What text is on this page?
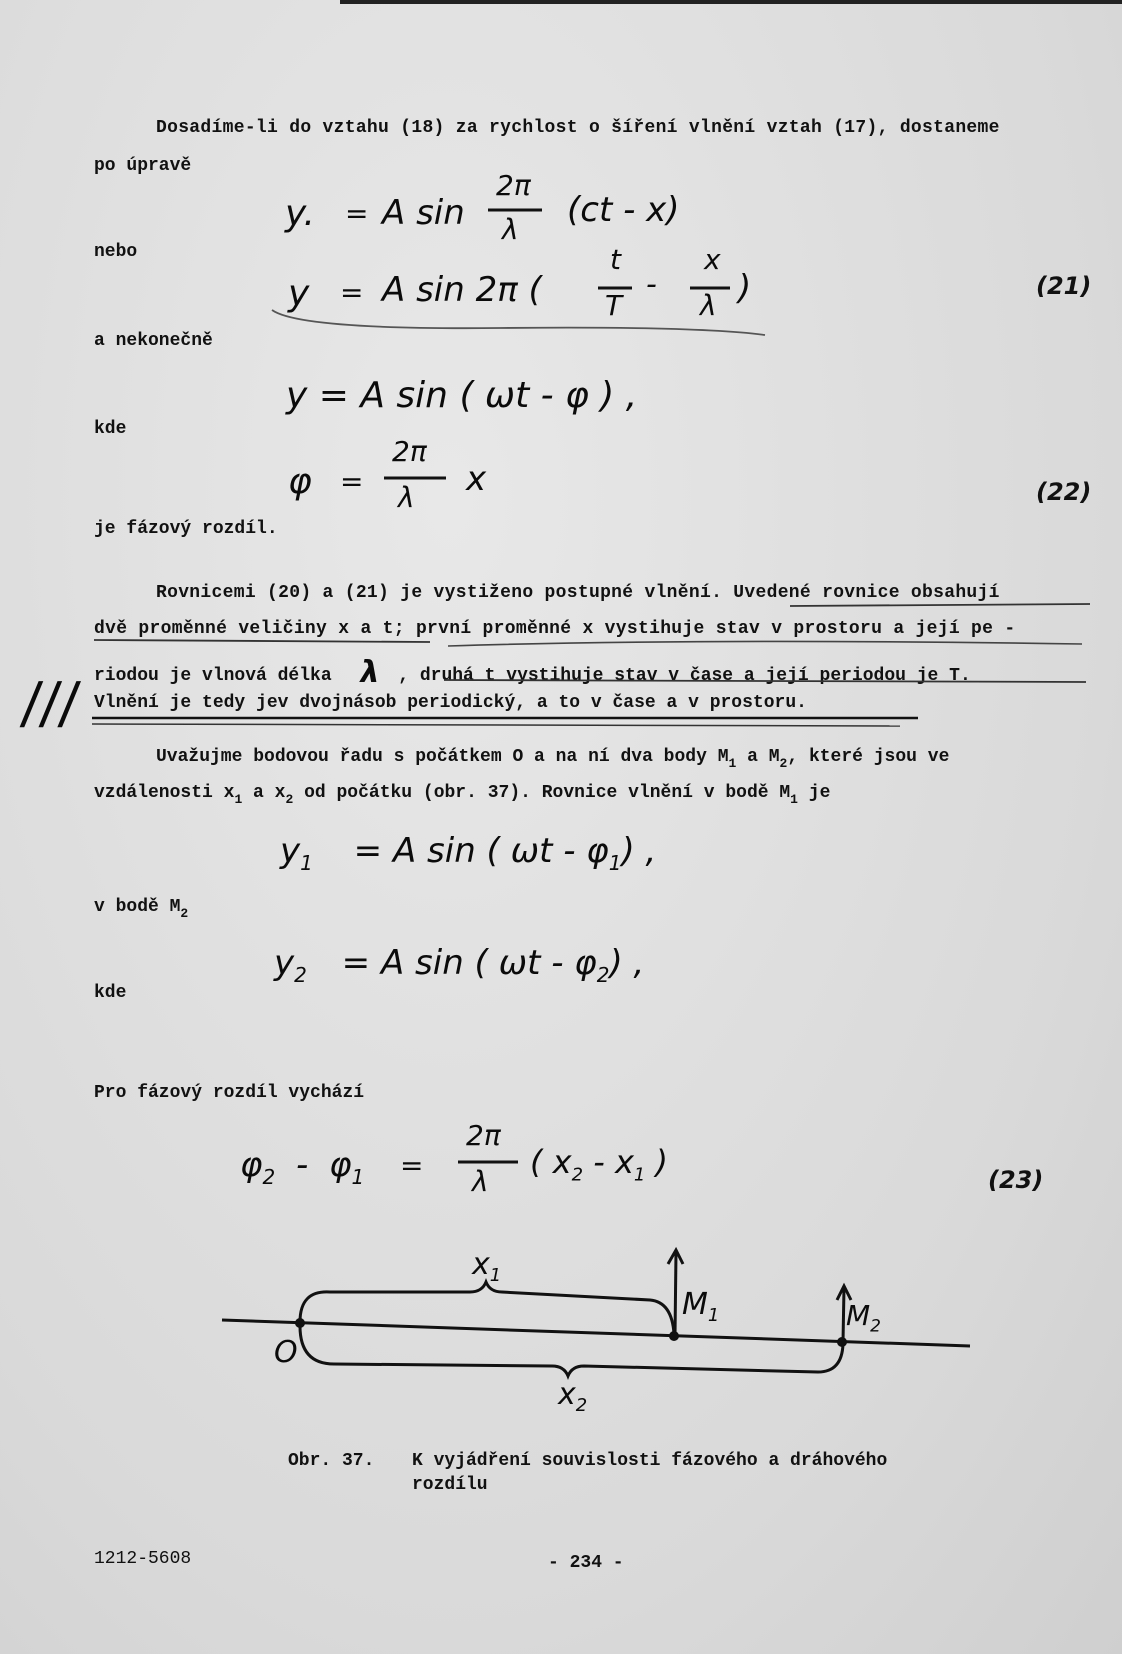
Dosadíme-li do vztahu (18) za rychlost o šíření vlnění vztah (17), dostaneme
po úpravě
y. = A sin
2π
λ (ct - x)
nebo
y = A sin 2π (
t
T
-
x
λ )	(21)
a nekonečně
y = A sin ( ωt - φ ) ,
kde
φ =
2π
λ x	(22)
je fázový rozdíl.
Rovnicemi (20) a (21) je vystiženo postupné vlnění. Uvedené rovnice obsahují
dvě proměnné veličiny x a t; první proměnné x vystihuje stav v prostoru a její pe -
riodou je vlnová délka λ , druhá t vystihuje stav v čase a její periodou je T.
Vlnění je tedy jev dvojnásob periodický, a to v čase a v prostoru.
///
Uvažujme bodovou řadu s počátkem O a na ní dva body $M_1$ a $M_2$, které jsou ve
vzdálenosti $x_1$ a $x_2$ od počátku (obr. 37). Rovnice vlnění v bodě $M_1$ je
$y_1 = A$ sin ( ωt - $\varphi_1$) ,
v bodě $M_2$
$y_2 = A$ sin ( ωt - $\varphi_2$) ,
kde
Pro fázový rozdíl vychází
$\varphi_2 - \varphi_1$ =
2π
λ
( $x_2 - x_1$ )	(23)
O
$M_1$	$M_2$
$x_1$
$x_2$
Obr. 37. K vyjádření souvislosti fázového a dráhového
rozdílu
1212-5608	- 234 -
